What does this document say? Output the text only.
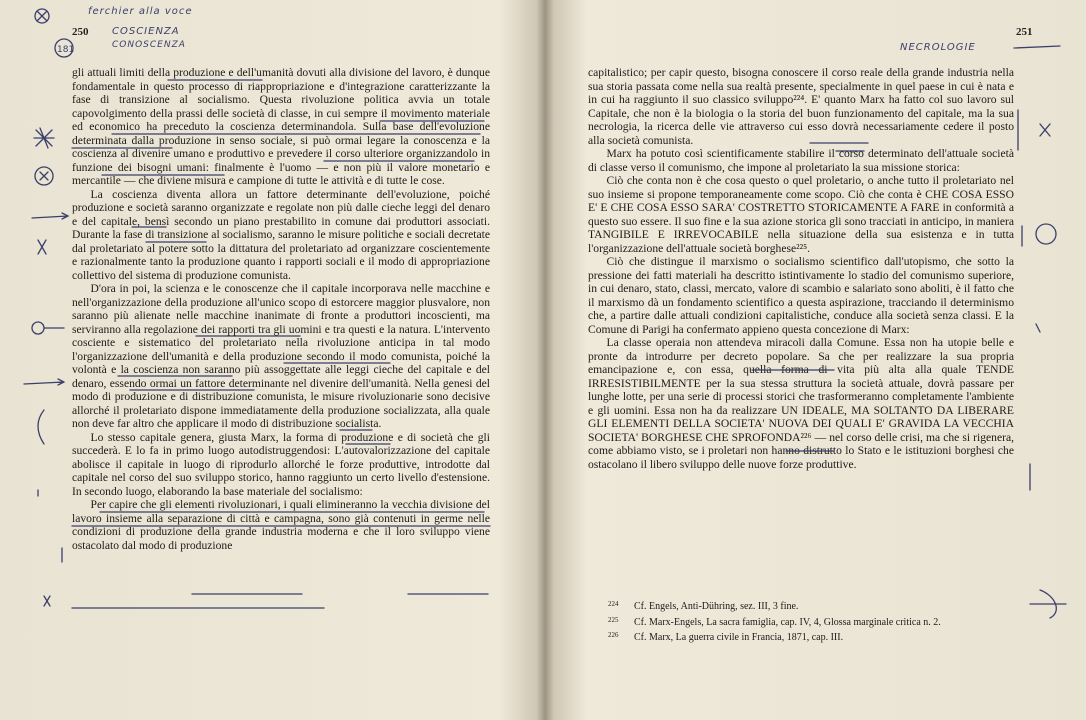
250

gli attuali limiti della produzione e dell'umanità dovuti alla divisione del lavoro, è dunque fondamentale in questo processo di riappropriazione e d'integrazione caratterizzante la fase di transizione al socialismo. Questa rivoluzione politica avvia un totale capovolgimento della prassi delle società di classe, in cui sempre il movimento materiale ed economico ha preceduto la coscienza determinandola. Sulla base dell'evoluzione determinata dalla produzione in senso sociale, si può ormai legare la conoscenza e la coscienza al divenire umano e produttivo e prevedere il corso ulteriore organizzandolo in funzione dei bisogni umani: finalmente è l'uomo — e non più il valore monetario e mercantile — che diviene misura e campione di tutte le attività e di tutte le cose.

La coscienza diventa allora un fattore determinante dell'evoluzione, poiché produzione e società saranno organizzate e regolate non più dalle cieche leggi del denaro e del capitale, bensì secondo un piano prestabilito in comune dai produttori associati. Durante la fase di transizione al socialismo, saranno le misure politiche e sociali decretate dal proletariato al potere sotto la dittatura del proletariato ad organizzare coscientemente e razionalmente tanto la produzione quanto i rapporti sociali e il modo di appropriazione collettivo del sistema di produzione comunista.

D'ora in poi, la scienza e le conoscenze che il capitale incorporava nelle macchine e nell'organizzazione della produzione all'unico scopo di estorcere maggior plusvalore, non saranno più alienate nelle macchine inanimate di fronte a produttori incoscienti, ma serviranno alla regolazione dei rapporti tra gli uomini e tra questi e la natura. L'intervento cosciente e sistematico del proletariato nella rivoluzione anticipa in tal modo l'organizzazione dell'umanità e della produzione secondo il modo comunista, poiché la volontà e la coscienza non saranno più assoggettate alle leggi cieche del capitale e del denaro, essendo ormai un fattore determinante nel divenire dell'umanità. Nella genesi del modo di produzione e di distribuzione comunista, le misure rivoluzionarie sono decisive allorché il proletariato dispone immediatamente della produzione socializzata, alla quale non deve far altro che applicare il modo di distribuzione socialista.

Lo stesso capitale genera, giusta Marx, la forma di produzione e di società che gli succederà. E lo fa in primo luogo autodistruggendosi: L'autovalorizzazione del capitale abolisce il capitale in luogo di riprodurlo allorché le forze produttive, introdotte dal capitale nel corso del suo sviluppo storico, hanno raggiunto un certo livello d'estensione. In secondo luogo, elaborando la base materiale del socialismo:

Per capire che gli elementi rivoluzionari, i quali elimineranno la vecchia divisione del lavoro insieme alla separazione di città e campagna, sono già contenuti in germe nelle condizioni di produzione della grande industria moderna e che il loro sviluppo viene ostacolato dal modo di produzione

251

capitalistico; per capir questo, bisogna conoscere il corso reale della grande industria nella sua storia passata come nella sua realtà presente, specialmente in quel paese in cui è nata e in cui ha raggiunto il suo classico sviluppo²²⁴. E' quanto Marx ha fatto col suo lavoro sul Capitale, che non è la biologia o la storia del buon funzionamento del capitale, ma la sua necrologia, la ricerca delle vie attraverso cui esso dovrà necessariamente cedere il posto alla società comunista.

Marx ha potuto così scientificamente stabilire il corso determinato dell'attuale società di classe verso il comunismo, che impone al proletariato la sua missione storica:

Ciò che conta non è che cosa questo o quel proletario, o anche tutto il proletariato nel suo insieme si propone temporaneamente come scopo. Ciò che conta è CHE COSA ESSO E' E CHE COSA ESSO SARA' COSTRETTO STORICAMENTE A FARE in conformità a questo suo essere. Il suo fine e la sua azione storica gli sono tracciati in anticipo, in maniera TANGIBILE E IRREVOCABILE nella situazione della sua esistenza e in tutta l'organizzazione dell'attuale società borghese²²⁵.

Ciò che distingue il marxismo o socialismo scientifico dall'utopismo, che sotto la pressione dei fatti materiali ha descritto istintivamente lo stadio del comunismo superiore, in cui denaro, stato, classi, mercato, valore di scambio e salariato sono aboliti, è il fatto che il marxismo dà un fondamento scientifico a questa aspirazione, tracciando il determinismo che, a partire dalle attuali condizioni capitalistiche, conduce alla società senza classi. E la Comune di Parigi ha confermato appieno questa concezione di Marx:

La classe operaia non attendeva miracoli dalla Comune. Essa non ha utopie belle e pronte da introdurre per decreto popolare. Sa che per realizzare la sua propria emancipazione e, con essa, quella forma di vita più alta alla quale TENDE IRRESISTIBILMENTE per la sua stessa struttura la società attuale, dovrà passare per lunghe lotte, per una serie di processi storici che trasformeranno completamente l'ambiente e gli uomini. Essa non ha da realizzare UN IDEALE, MA SOLTANTO DA LIBERARE GLI ELEMENTI DELLA SOCIETA' NUOVA DEI QUALI E' GRAVIDA LA VECCHIA SOCIETA' BORGHESE CHE SPROFONDA²²⁶ — nel corso delle crisi, ma che si rigenera, come abbiamo visto, se i proletari non hanno distrutto lo Stato e le istituzioni borghesi che ostacolano il libero sviluppo delle nuove forze produttive.

224 Cf. Engels, Anti-Dühring, sez. III, 3 fine.
225 Cf. Marx-Engels, La sacra famiglia, cap. IV, 4, Glossa marginale critica n. 2.
226 Cf. Marx, La guerra civile in Francia, 1871, cap. III.
ferchier alla voce
COSCIENZA
CONOSCENZA	NECROLOGIE
181
